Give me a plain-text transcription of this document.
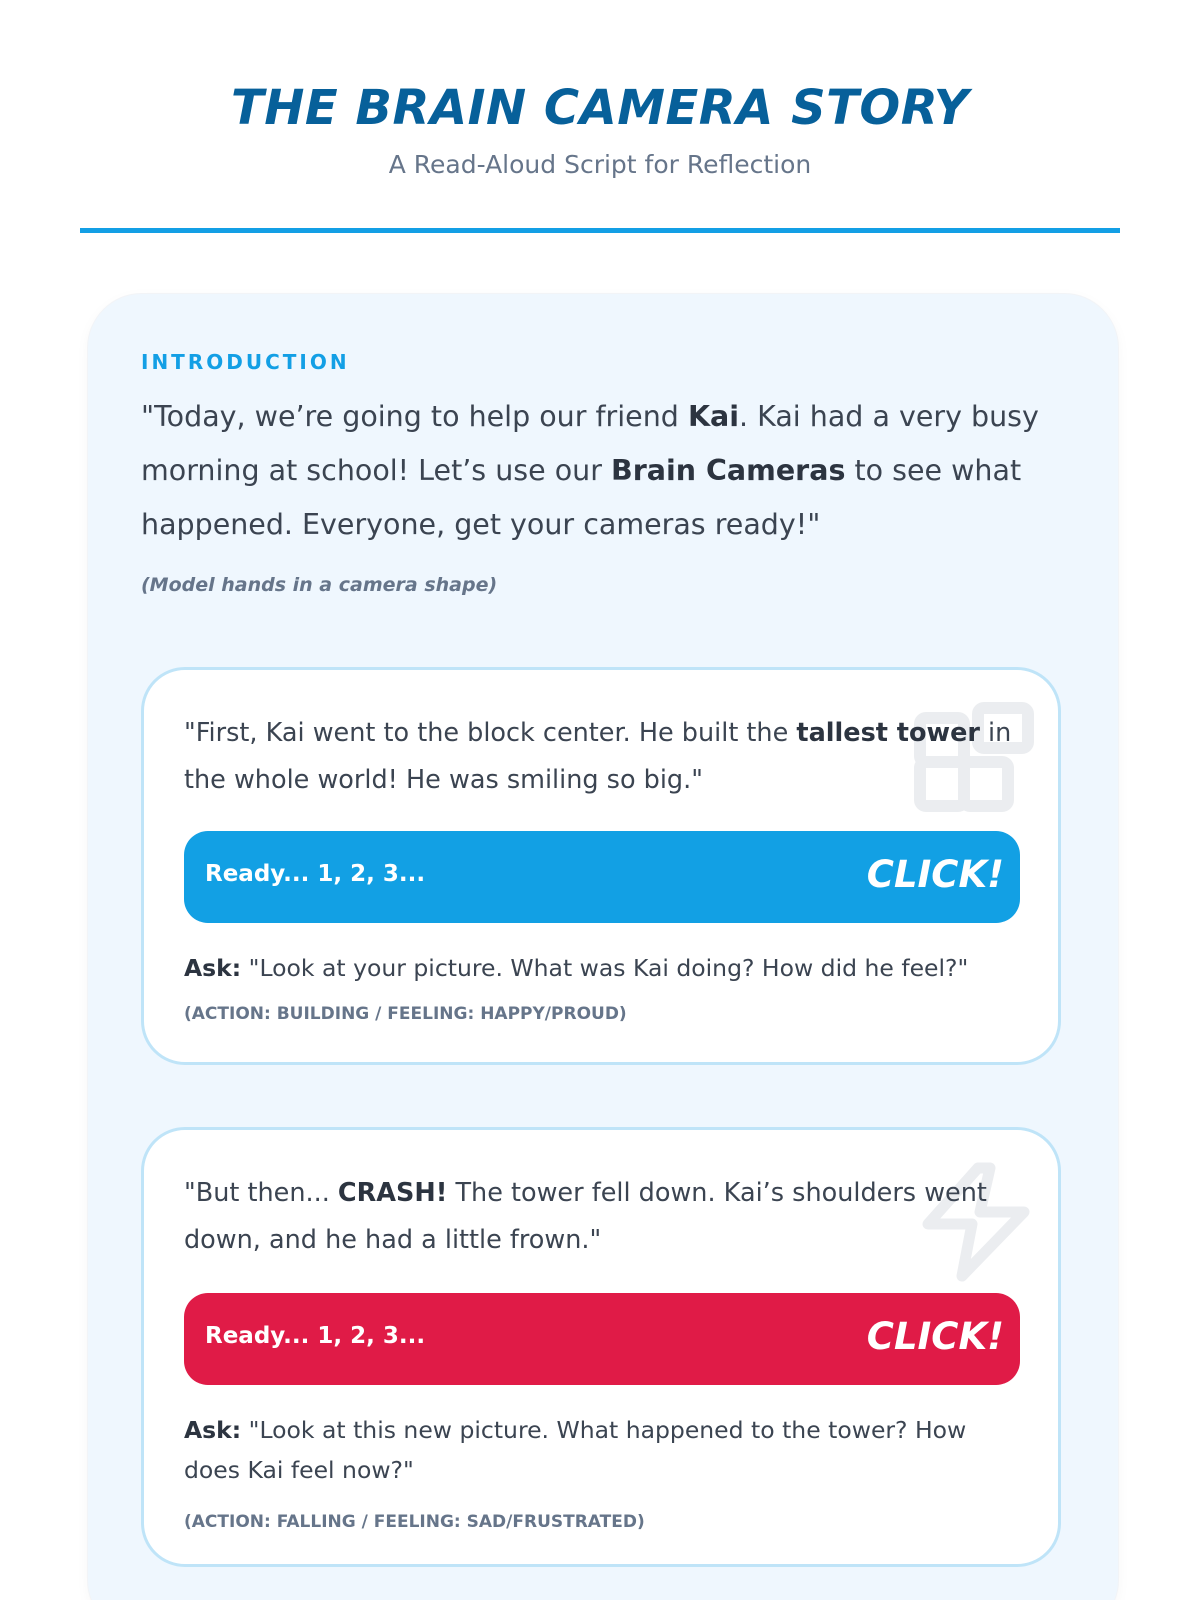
THE BRAIN CAMERA STORY
A Read-Aloud Script for Reflection
INTRODUCTION
"Today, we’re going to help our friend Kai. Kai had a very busy morning at school! Let’s use our Brain Cameras to see what happened. Everyone, get your cameras ready!"
(Model hands in a camera shape)
"First, Kai went to the block center. He built the tallest tower in the whole world! He was smiling so big."
Ready... 1, 2, 3...	CLICK!
Ask: "Look at your picture. What was Kai doing? How did he feel?"
(ACTION: BUILDING / FEELING: HAPPY/PROUD)
"But then... CRASH! The tower fell down. Kai’s shoulders went down, and he had a little frown."
Ready... 1, 2, 3...	CLICK!
Ask: "Look at this new picture. What happened to the tower? How does Kai feel now?"
(ACTION: FALLING / FEELING: SAD/FRUSTRATED)
